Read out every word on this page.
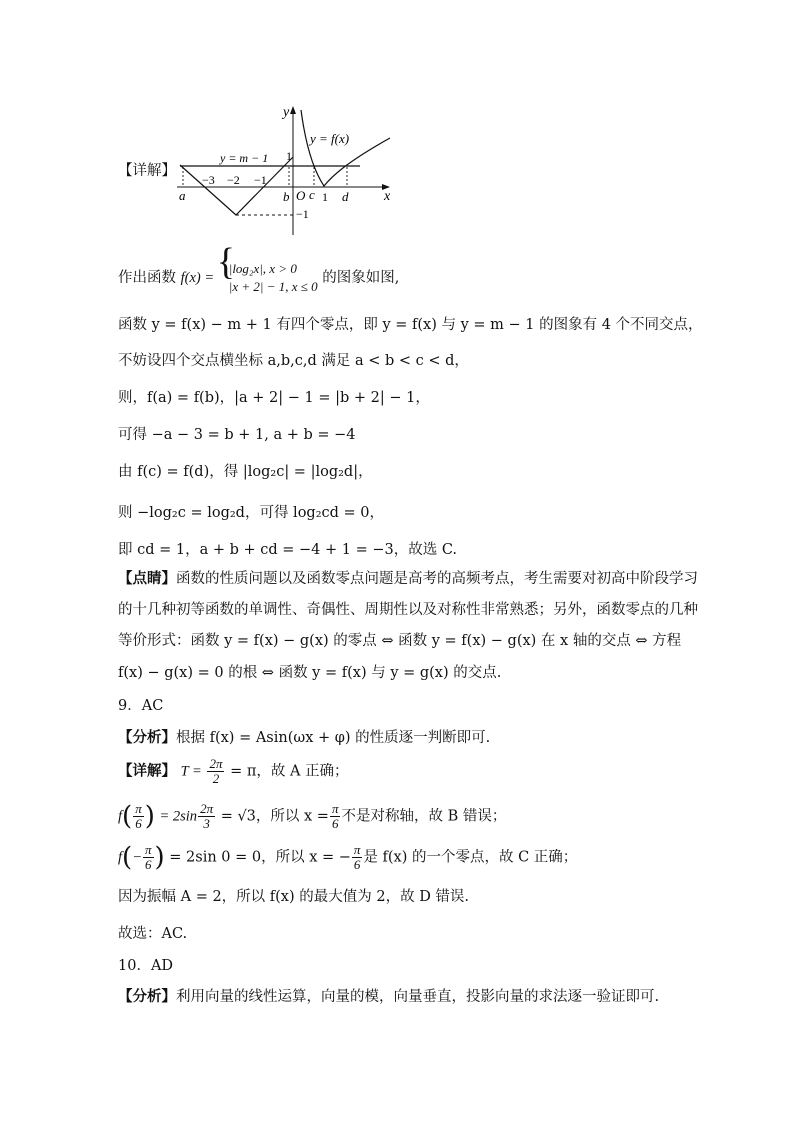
【详解】
y
x
y = m − 1
y = f(x)
−3 −2 −1
1
−1
O 1
a	b c d
作出函数 f(x) =
{ |log₂x|, x > 0
|x + 2| − 1, x ≤ 0
的图象如图,
函数 y = f(x) − m + 1 有四个零点，即 y = f(x) 与 y = m − 1 的图象有 4 个不同交点，
不妨设四个交点横坐标 a,b,c,d 满足 a < b < c < d，
则，f(a) = f(b)，|a + 2| − 1 = |b + 2| − 1，
可得 −a − 3 = b + 1, a + b = −4
由 f(c) = f(d)，得 |log₂c| = |log₂d|，
则 −log₂c = log₂d，可得 log₂cd = 0，
即 cd = 1，a + b + cd = −4 + 1 = −3，故选 C.
【点睛】函数的性质问题以及函数零点问题是高考的高频考点，考生需要对初高中阶段学习
的十几种初等函数的单调性、奇偶性、周期性以及对称性非常熟悉；另外，函数零点的几种
等价形式：函数 y = f(x) − g(x) 的零点 ⇔ 函数 y = f(x) − g(x) 在 x 轴的交点 ⇔ 方程
f(x) − g(x) = 0 的根 ⇔ 函数 y = f(x) 与 y = g(x) 的交点.
9．AC
【分析】根据 f(x) = Asin(ωx + φ) 的性质逐一判断即可.
【详解】 $T = \frac{2\pi}{2} = \pi$，故 A 正确；
$f( \frac{\pi}{6}$ ) = $2\sin \frac{2\pi}{3} = √3$，所以 $x = \frac{\pi}{6}$ 不是对称轴，故 B 错误；
$f(- \frac{\pi}{6}$ ) = 2sin 0 = 0，所以 x = − $\frac{\pi}{6}$ 是 f(x) 的一个零点，故 C 正确；
因为振幅 A = 2，所以 f(x) 的最大值为 2，故 D 错误.
故选：AC.
10．AD
【分析】利用向量的线性运算，向量的模，向量垂直，投影向量的求法逐一验证即可.
